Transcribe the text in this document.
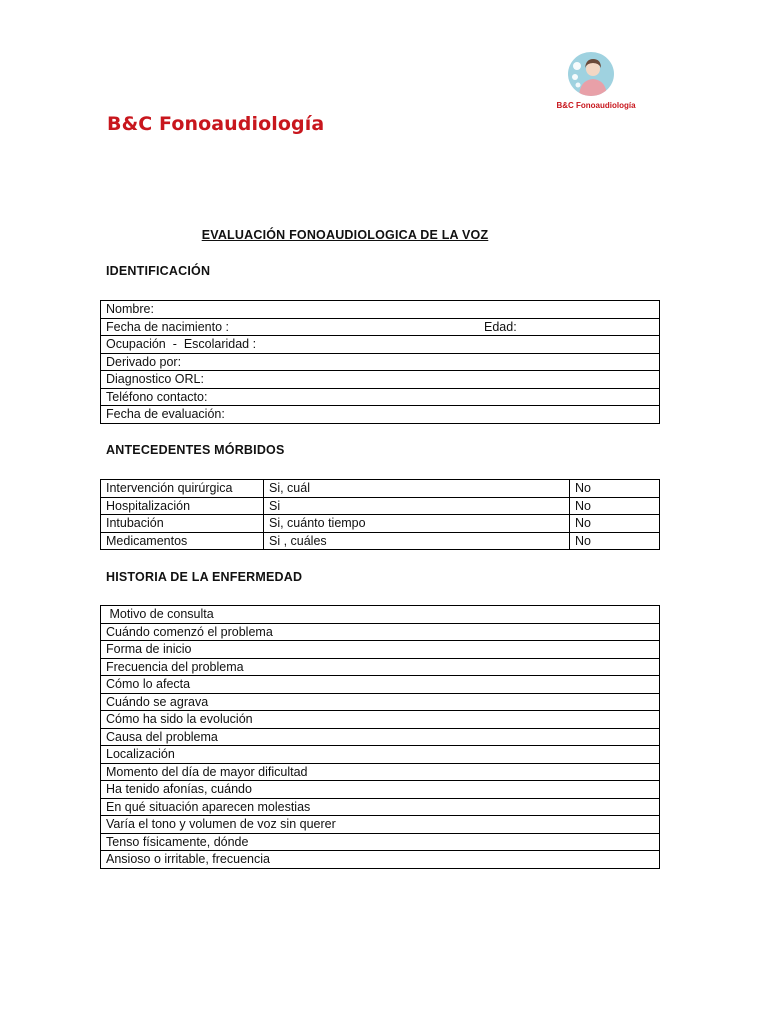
B&C Fonoaudiología
B&C Fonoaudiología
EVALUACIÓN FONOAUDIOLOGICA DE LA VOZ
IDENTIFICACIÓN
Nombre:
Fecha de nacimiento :	Edad:

Ocupación  -  Escolaridad :
Derivado por:
Diagnostico ORL:
Teléfono contacto:
Fecha de evaluación:
ANTECEDENTES MÓRBIDOS
Intervención quirúrgica	Si, cuál	No
Hospitalización	Si	No
Intubación	Si, cuánto tiempo	No
Medicamentos	Si , cuáles	No
HISTORIA DE LA ENFERMEDAD
Motivo de consulta
Cuándo comenzó el problema
Forma de inicio
Frecuencia del problema
Cómo lo afecta
Cuándo se agrava
Cómo ha sido la evolución
Causa del problema
Localización
Momento del día de mayor dificultad
Ha tenido afonías, cuándo
En qué situación aparecen molestias
Varía el tono y volumen de voz sin querer
Tenso físicamente, dónde
Ansioso o irritable, frecuencia
